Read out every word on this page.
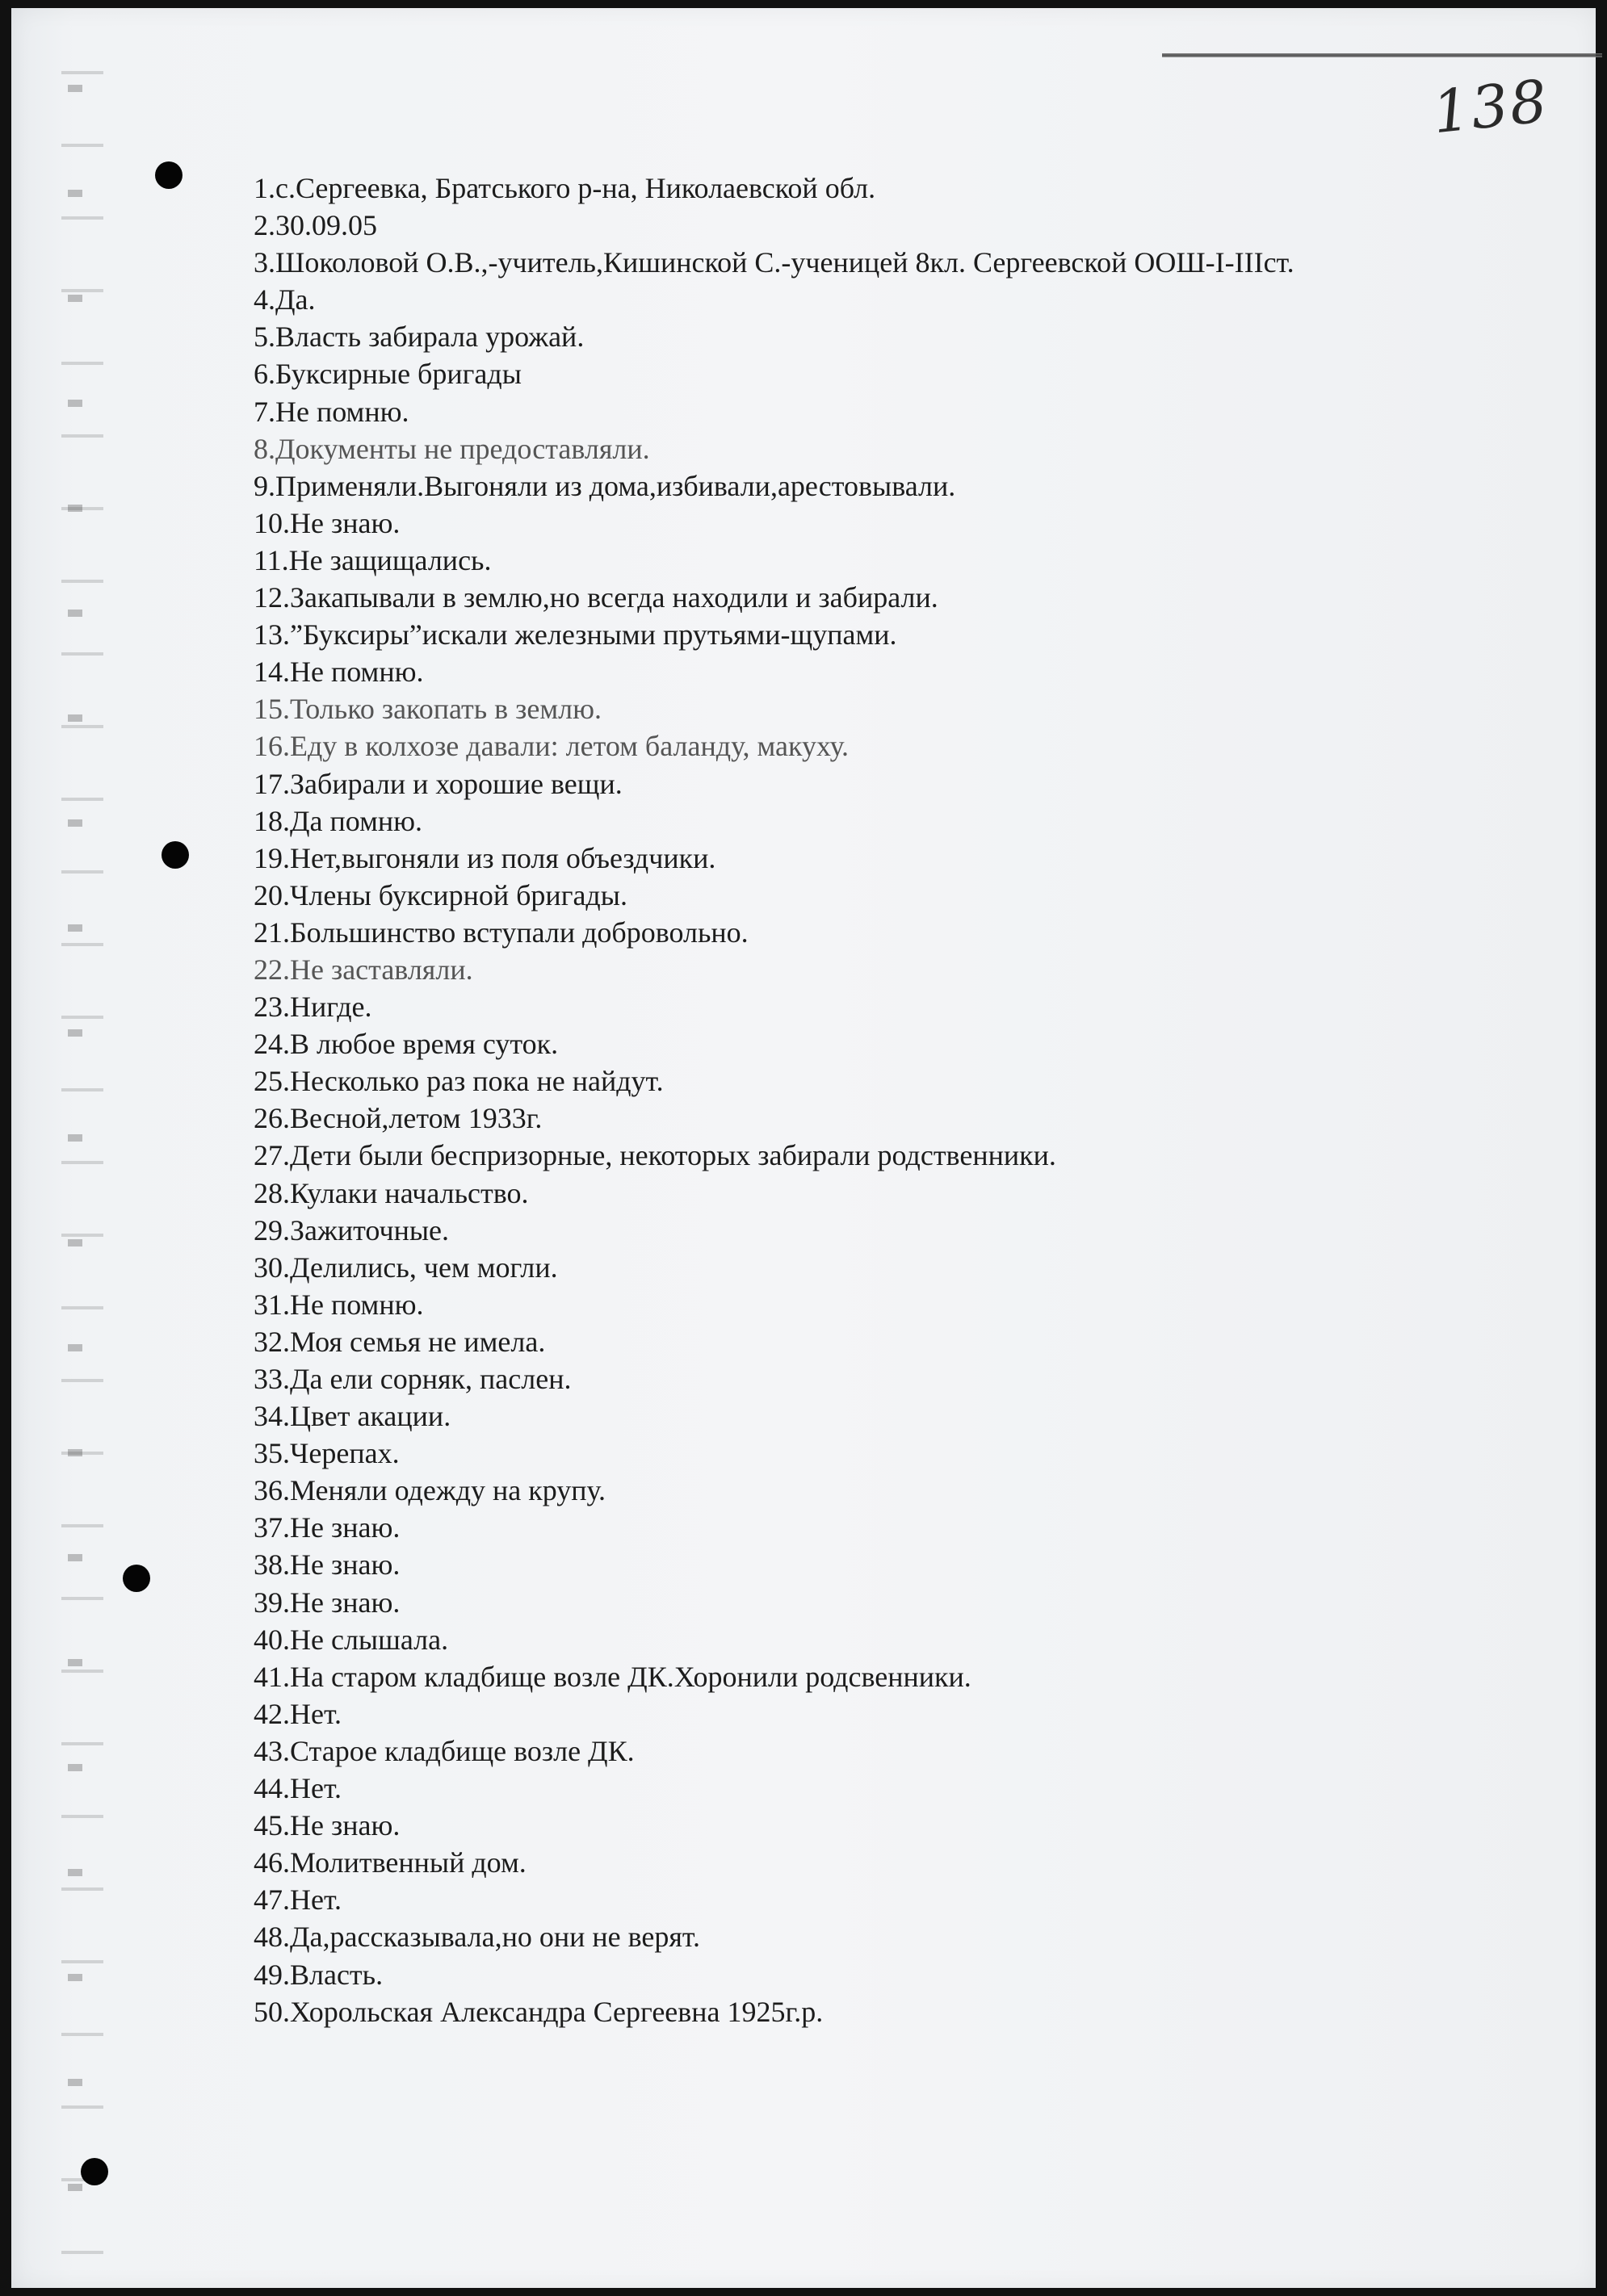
138
1.с.Сергеевка, Братського р-на, Николаевской обл.
2.30.09.05
3.Шоколовой О.В.,-учитель,Кишинской С.-ученицей 8кл. Сергеевской ООШ-I-IIIст.
4.Да.
5.Власть забирала урожай.
6.Буксирные бригады
7.Не помню.
8.Документы не предоставляли.
9.Применяли.Выгоняли из дома,избивали,арестовывали.
10.Не знаю.
11.Не защищались.
12.Закапывали в землю,но всегда находили и забирали.
13.”Буксиры”искали железными прутьями-щупами.
14.Не помню.
15.Только закопать в землю.
16.Еду в колхозе давали: летом баланду, макуху.
17.Забирали и хорошие вещи.
18.Да помню.
19.Нет,выгоняли из поля объездчики.
20.Члены буксирной бригады.
21.Большинство вступали добровольно.
22.Не заставляли.
23.Нигде.
24.В любое время суток.
25.Несколько раз пока не найдут.
26.Весной,летом 1933г.
27.Дети были беспризорные, некоторых забирали родственники.
28.Кулаки начальство.
29.Зажиточные.
30.Делились, чем могли.
31.Не помню.
32.Моя семья не имела.
33.Да ели сорняк, паслен.
34.Цвет акации.
35.Черепах.
36.Меняли одежду на крупу.
37.Не знаю.
38.Не знаю.
39.Не знаю.
40.Не слышала.
41.На старом кладбище возле ДК.Хоронили родсвенники.
42.Нет.
43.Старое кладбище возле ДК.
44.Нет.
45.Не знаю.
46.Молитвенный дом.
47.Нет.
48.Да,рассказывала,но они не верят.
49.Власть.
50.Хорольская Александра Сергеевна 1925г.р.
